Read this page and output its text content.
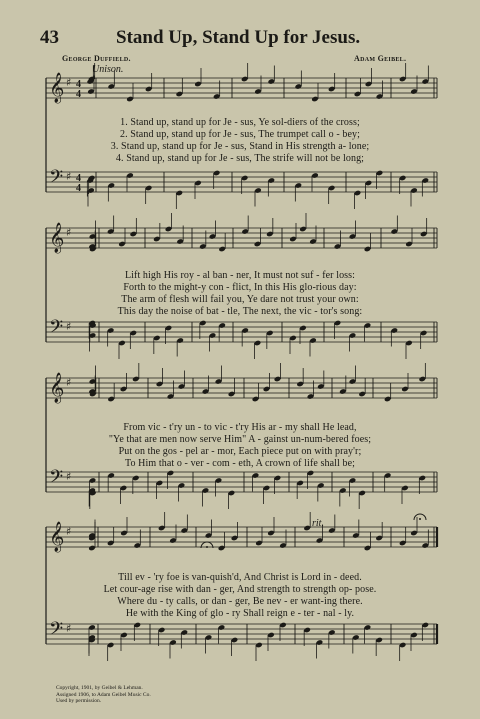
43	Stand Up, Stand Up for Jesus.
George Duffield.	Adam Geibel.
Unison.
rit.
𝄞 ♯ 4
4
𝄢 ♯ 4
4
𝄞 ♯
𝄢 ♯
𝄞 ♯
𝄢 ♯
𝄞 ♯
𝄢 ♯
1. Stand up, stand up for Je - sus, Ye sol-diers of the cross;
2. Stand up, stand up for Je - sus, The trumpet call o - bey;
3. Stand up, stand up for Je - sus, Stand in His strength a- lone;
4. Stand up, stand up for Je - sus, The strife will not be long;
Lift high His roy - al ban - ner, It must not suf - fer loss:
Forth to the might-y con - flict, In this His glo-rious day:
The arm of flesh will fail you, Ye dare not trust your own:
This day the noise of bat - tle, The next, the vic - tor's song:
From vic - t'ry un - to vic - t'ry His ar - my shall He lead,
"Ye that are men now serve Him" A - gainst un-num-bered foes;
Put on the gos - pel ar - mor, Each piece put on with pray'r;
To Him that o - ver - com - eth, A crown of life shall be;
Till ev - 'ry foe is van-quish'd, And Christ is Lord in - deed.
Let cour-age rise with dan - ger, And strength to strength op- pose.
Where du - ty calls, or dan - ger, Be nev - er want-ing there.
He with the King of glo - ry Shall reign e - ter - nal - ly.
Copyright, 1901, by Geibel & Lehman.
Assigned 1906, to Adam Geibel Music Co.
Used by permission.
